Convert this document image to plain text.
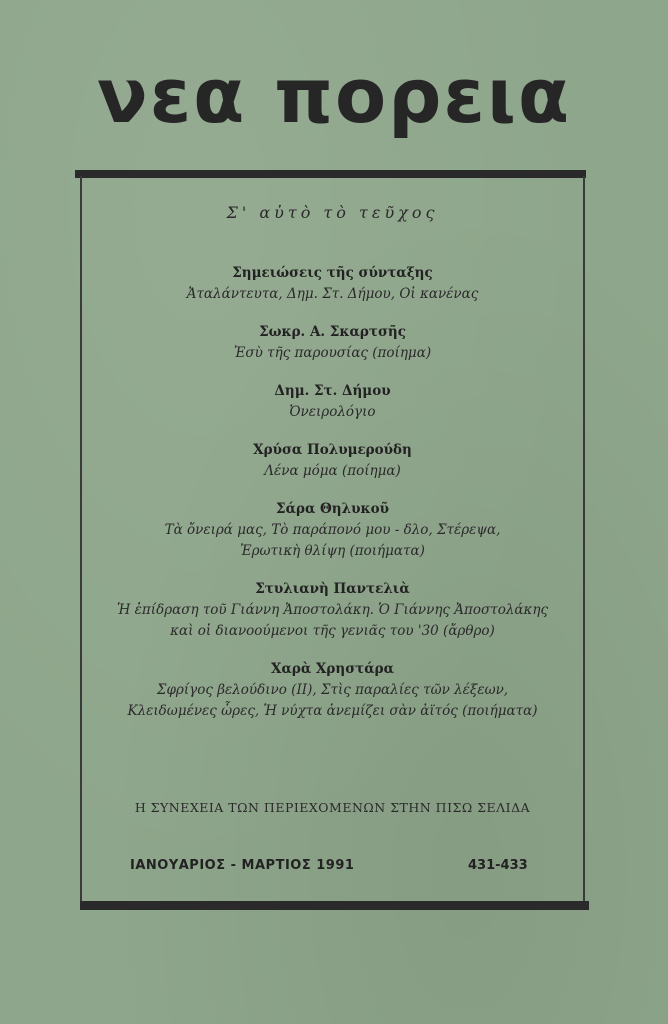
νεα πορεια
Σ' αὐτὸ τὸ τεῦχος
Σημειώσεις τῆς σύνταξης
Ἀταλάντευτα, Δημ. Στ. Δήμου, Οἱ κανένας
Σωκρ. Α. Σκαρτσῆς
Ἐσὺ τῆς παρουσίας (ποίημα)
Δημ. Στ. Δήμου
Ὀνειρολόγιο
Χρύσα Πολυμερούδη
Λένα μόμα (ποίημα)
Σάρα Θηλυκοῦ
Τὰ ὄνειρά μας, Τὸ παράπονό μου - δλο, Στέρεψα,
Ἐρωτικὴ θλίψη (ποιήματα)
Στυλιανὴ Παντελιὰ
Ἡ ἐπίδραση τοῦ Γιάννη Ἀποστολάκη. Ὁ Γιάννης Ἀποστολάκης
καὶ οἱ διανοούμενοι τῆς γενιᾶς του '30 (ἄρθρο)
Χαρὰ Χρηστάρα
Σφρίγος βελούδινο (ΙΙ), Στὶς παραλίες τῶν λέξεων,
Κλειδωμένες ὧρες, Ἡ νύχτα ἀνεμίζει σὰν ἀϊτός (ποιήματα)
Η ΣΥΝΕΧΕΙΑ ΤΩΝ ΠΕΡΙΕΧΟΜΕΝΩΝ ΣΤΗΝ ΠΙΣΩ ΣΕΛΙΔΑ
ΙΑΝΟΥΑΡΙΟΣ - ΜΑΡΤΙΟΣ 1991	431-433
